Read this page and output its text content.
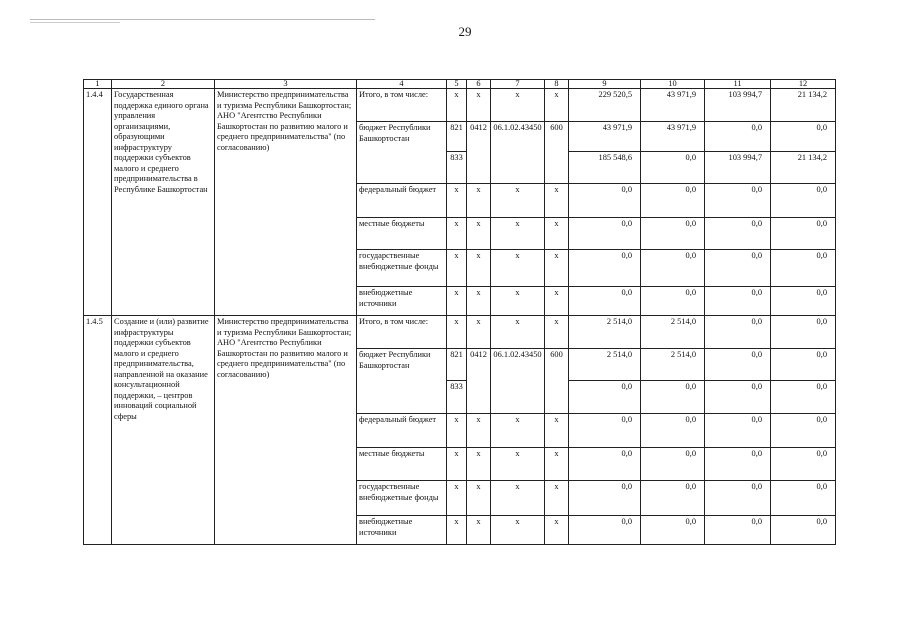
29
1	2	3	4	5	6	7	8	9	10	11	12
1.4.4	Государственная поддержка единого органа управления организациями, образующими инфраструктуру поддержки субъектов малого и среднего предпринимательства в Республике Башкортостан	Министерство предпринимательства и туризма Республики Башкортостан; АНО "Агентство Республики Башкортостан по развитию малого и среднего предпринимательства" (по согласованию)	Итого, в том числе:	x	x	x	x	229 520,5	43 971,9	103 994,7	21 134,2
			бюджет Республики Башкортостан	821	0412	06.1.02.43450	600	43 971,9	43 971,9	0,0	0,0
				833				185 548,6	0,0	103 994,7	21 134,2
			федеральный бюджет	x	x	x	x	0,0	0,0	0,0	0,0
			местные бюджеты	x	x	x	x	0,0	0,0	0,0	0,0
			государственные внебюджетные фонды	x	x	x	x	0,0	0,0	0,0	0,0
			внебюджетные источники	x	x	x	x	0,0	0,0	0,0	0,0
1.4.5	Создание и (или) развитие инфраструктуры поддержки субъектов малого и среднего предпринимательства, направленной на оказание консультационной поддержки, – центров инноваций социальной сферы	Министерство предпринимательства и туризма Республики Башкортостан; АНО "Агентство Республики Башкортостан по развитию малого и среднего предпринимательства" (по согласованию)	Итого, в том числе:	x	x	x	x	2 514,0	2 514,0	0,0	0,0
			бюджет Республики Башкортостан	821	0412	06.1.02.43450	600	2 514,0	2 514,0	0,0	0,0
				833				0,0	0,0	0,0	0,0
			федеральный бюджет	x	x	x	x	0,0	0,0	0,0	0,0
			местные бюджеты	x	x	x	x	0,0	0,0	0,0	0,0
			государственные внебюджетные фонды	x	x	x	x	0,0	0,0	0,0	0,0
			внебюджетные источники	x	x	x	x	0,0	0,0	0,0	0,0
